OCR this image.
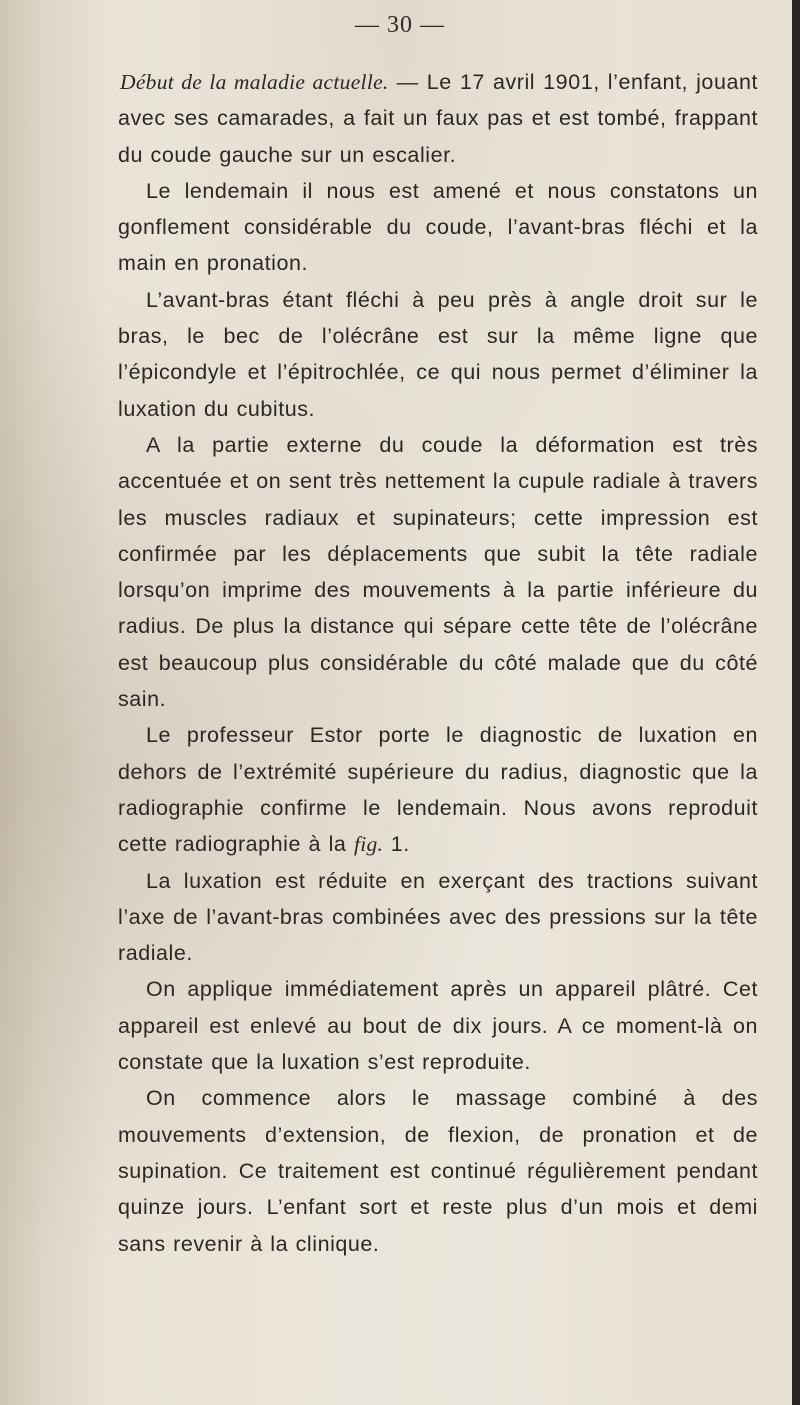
— 30 —

Début de la maladie actuelle. — Le 17 avril 1901, l’enfant, jouant avec ses camarades, a fait un faux pas et est tombé, frappant du coude gauche sur un escalier.

Le lendemain il nous est amené et nous constatons un gonflement considérable du coude, l’avant-bras fléchi et la main en pronation.

L’avant-bras étant fléchi à peu près à angle droit sur le bras, le bec de l’olécrâne est sur la même ligne que l’épicondyle et l’épitrochlée, ce qui nous permet d’éliminer la luxation du cubitus.

A la partie externe du coude la déformation est très accentuée et on sent très nettement la cupule radiale à travers les muscles radiaux et supinateurs; cette impression est confirmée par les déplacements que subit la tête radiale lorsqu’on imprime des mouvements à la partie inférieure du radius. De plus la distance qui sépare cette tête de l’olécrâne est beaucoup plus considérable du côté malade que du côté sain.

Le professeur Estor porte le diagnostic de luxation en dehors de l’extrémité supérieure du radius, diagnostic que la radiographie confirme le lendemain. Nous avons reproduit cette radiographie à la fig. 1.

La luxation est réduite en exerçant des tractions suivant l’axe de l’avant-bras combinées avec des pressions sur la tête radiale.

On applique immédiatement après un appareil plâtré. Cet appareil est enlevé au bout de dix jours. A ce moment-là on constate que la luxation s’est reproduite.

On commence alors le massage combiné à des mouvements d’extension, de flexion, de pronation et de supination. Ce traitement est continué régulièrement pendant quinze jours. L’enfant sort et reste plus d’un mois et demi sans revenir à la clinique.
